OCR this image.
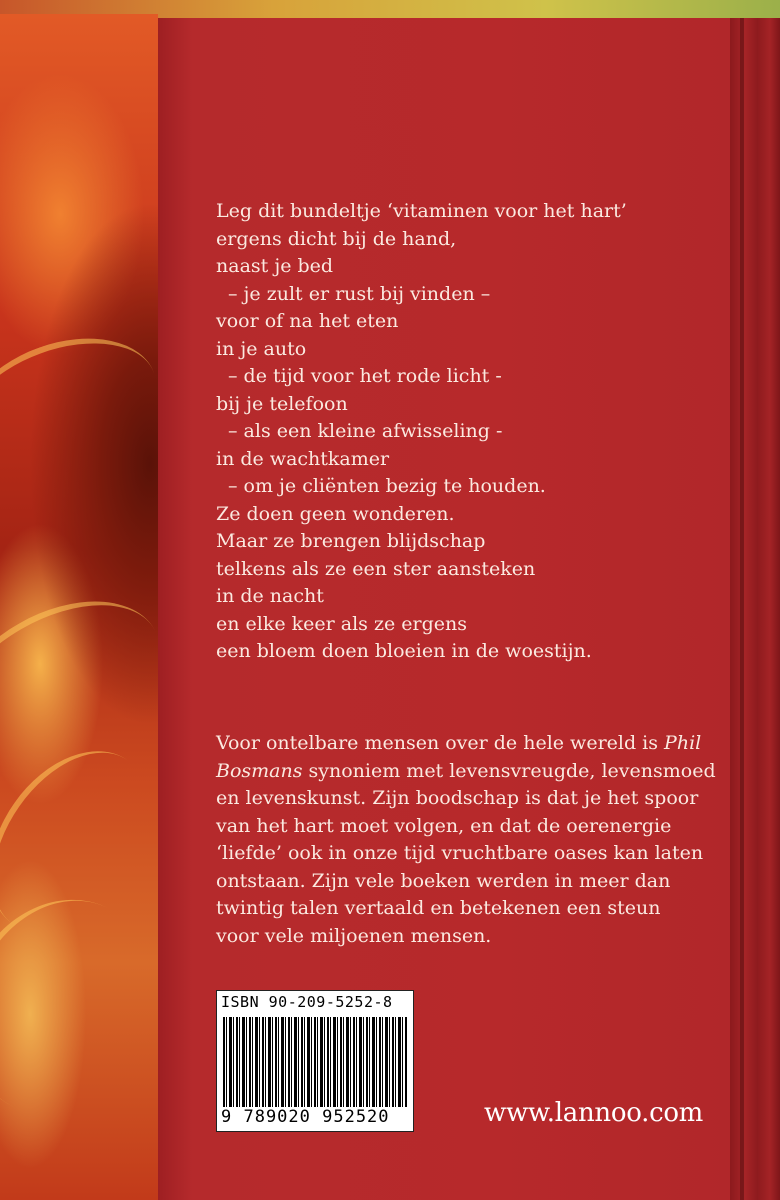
Leg dit bundeltje ‘vitaminen voor het hart’
ergens dicht bij de hand,
naast je bed
– je zult er rust bij vinden –
voor of na het eten
in je auto
– de tijd voor het rode licht -
bij je telefoon
– als een kleine afwisseling -
in de wachtkamer
– om je cliënten bezig te houden.
Ze doen geen wonderen.
Maar ze brengen blijdschap
telkens als ze een ster aansteken
in de nacht
en elke keer als ze ergens
een bloem doen bloeien in de woestijn.
Voor ontelbare mensen over de hele wereld is Phil
Bosmans synoniem met levensvreugde, levensmoed
en levenskunst. Zijn boodschap is dat je het spoor
van het hart moet volgen, en dat de oerenergie
‘liefde’ ook in onze tijd vruchtbare oases kan laten
ontstaan. Zijn vele boeken werden in meer dan
twintig talen vertaald en betekenen een steun
voor vele miljoenen mensen.
ISBN 90-209-5252-8
9 789020 952520	www.lannoo.com
